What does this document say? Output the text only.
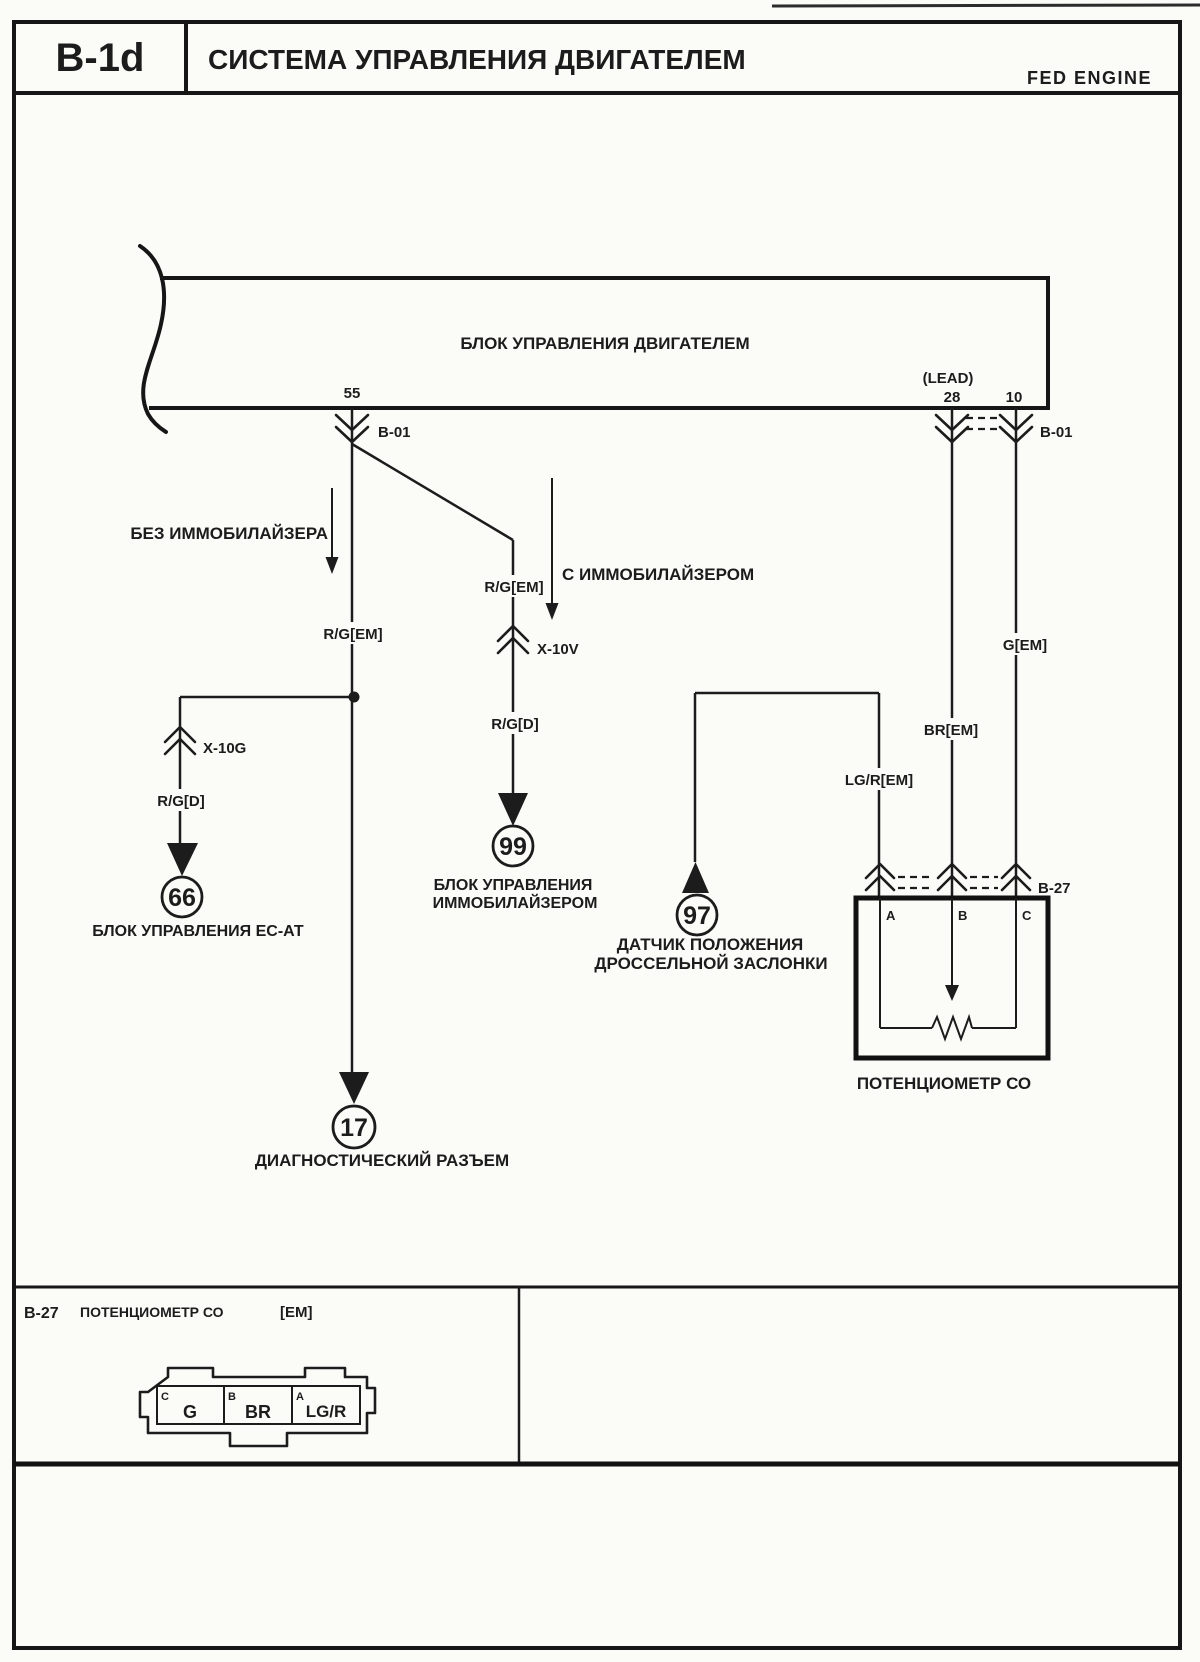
B-1d СИСТЕМА УПРАВЛЕНИЯ ДВИГАТЕЛЕМ
FED ENGINE
БЛОК УПРАВЛЕНИЯ ДВИГАТЕЛЕМ
55
(LEAD)
28	10
B-01	B-01
БЕЗ ИММОБИЛАЙЗЕРА
С ИММОБИЛАЙЗЕРОМ
X-10G
X-10V
R/G[EM]
R/G[EM]
R/G[D]
R/G[D]
G[EM]
BR[EM]
LG/R[EM]
66
БЛОК УПРАВЛЕНИЯ ЕС-АТ
99
БЛОК УПРАВЛЕНИЯ
ИММОБИЛАЙЗЕРОМ	97
ДАТЧИК ПОЛОЖЕНИЯ
ДРОССЕЛЬНОЙ ЗАСЛОНКИ
17
ДИАГНОСТИЧЕСКИЙ РАЗЪЕМ
B-27
A	B	C
ПОТЕНЦИОМЕТР СО
B-27 ПОТЕНЦИОМЕТР СО	[EM]
C	B	A
G	BR LG/R
